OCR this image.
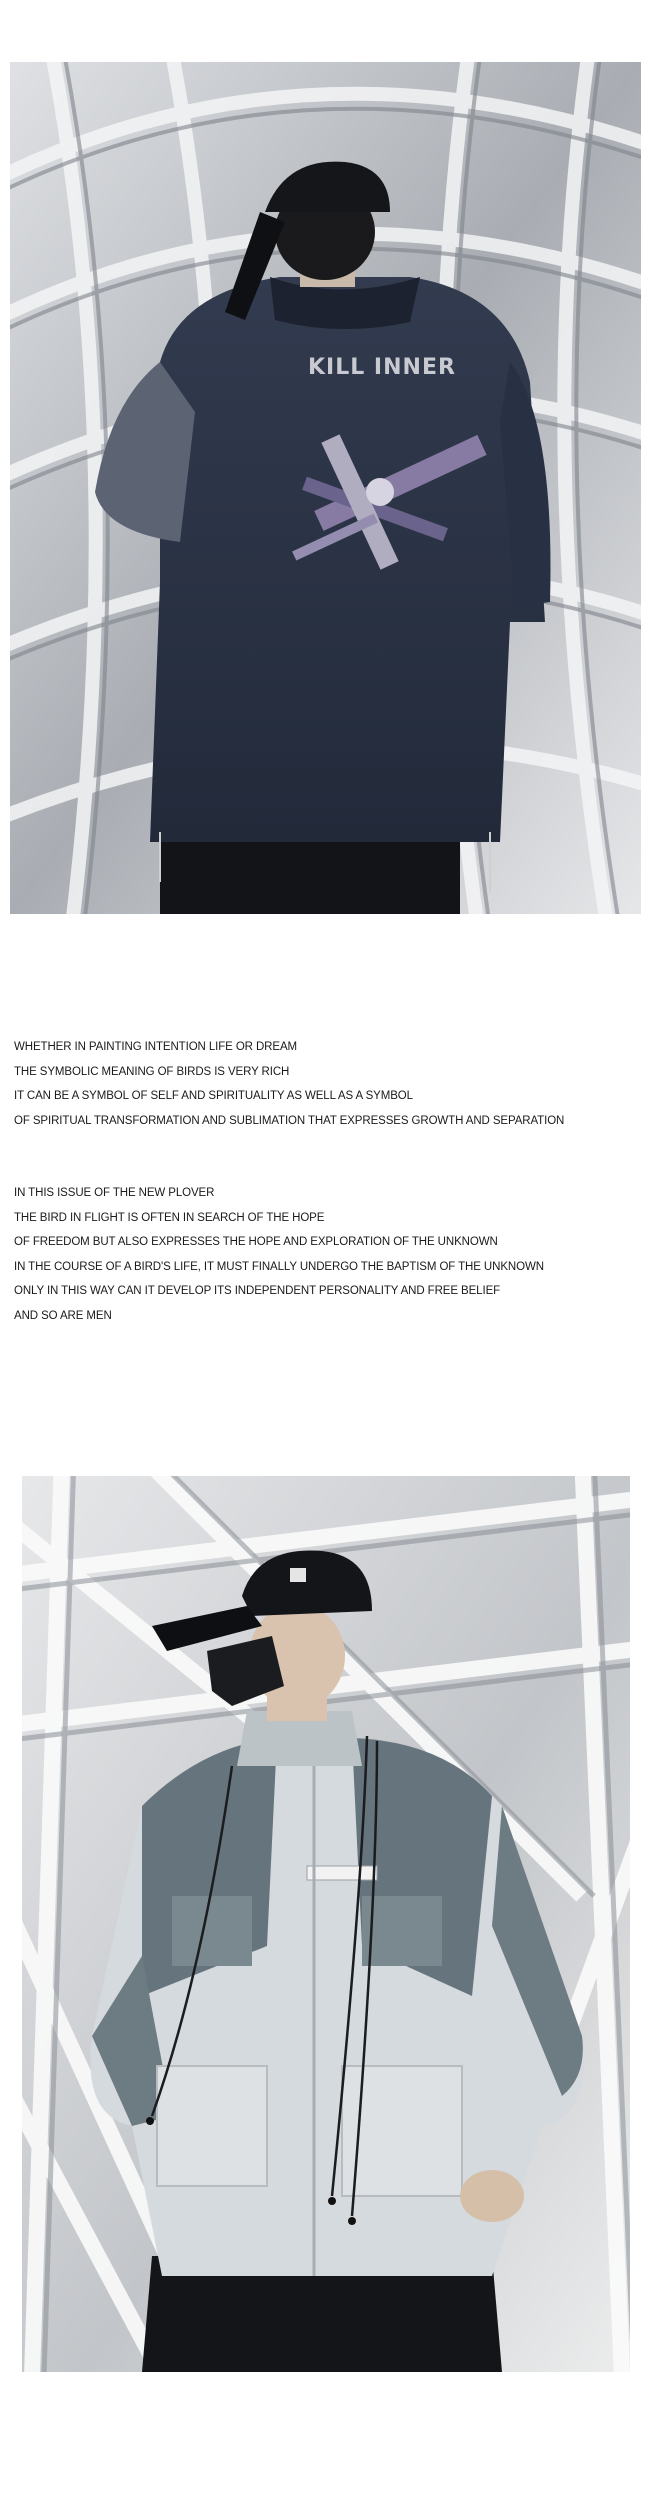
KILL INNER
WHETHER IN PAINTING INTENTION LIFE OR DREAM
THE SYMBOLIC MEANING OF BIRDS IS VERY RICH
IT CAN BE A SYMBOL OF SELF AND SPIRITUALITY AS WELL AS A SYMBOL
OF SPIRITUAL TRANSFORMATION AND SUBLIMATION THAT EXPRESSES GROWTH AND SEPARATION
IN THIS ISSUE OF THE NEW PLOVER
THE BIRD IN FLIGHT IS OFTEN IN SEARCH OF THE HOPE
OF FREEDOM BUT ALSO EXPRESSES THE HOPE AND EXPLORATION OF THE UNKNOWN
IN THE COURSE OF A BIRD'S LIFE, IT MUST FINALLY UNDERGO THE BAPTISM OF THE UNKNOWN
ONLY IN THIS WAY CAN IT DEVELOP ITS INDEPENDENT PERSONALITY AND FREE BELIEF
AND SO ARE MEN
